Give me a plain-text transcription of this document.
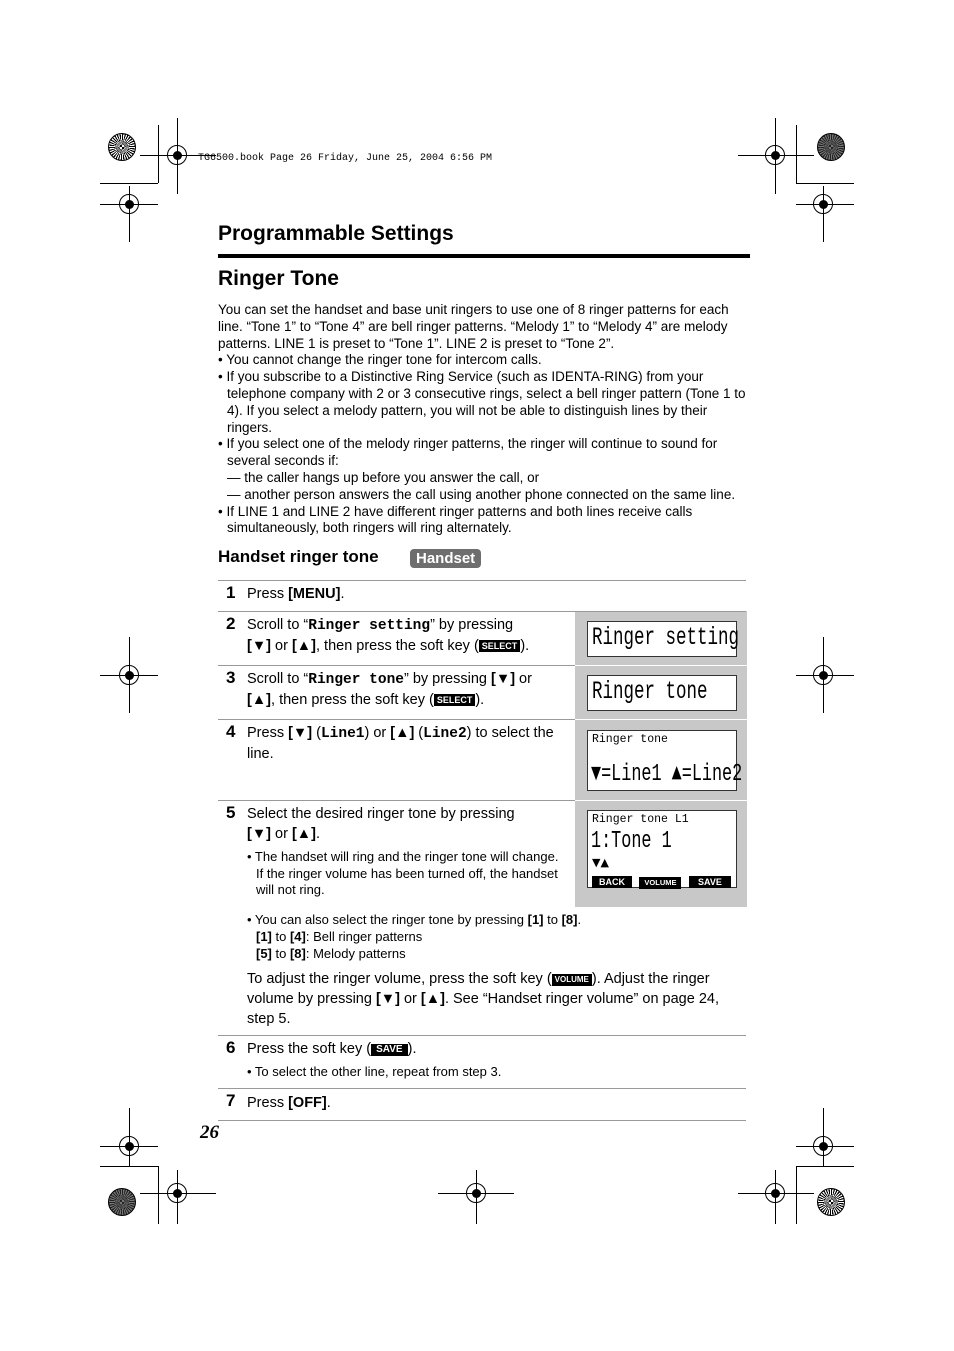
TG6500.book Page 26 Friday, June 25, 2004 6:56 PM
Programmable Settings
Ringer Tone

You can set the handset and base unit ringers to use one of 8 ringer patterns for each line. “Tone 1” to “Tone 4” are bell ringer patterns. “Melody 1” to “Melody 4” are melody patterns. LINE 1 is preset to “Tone 1”. LINE 2 is preset to “Tone 2”.

• You cannot change the ringer tone for intercom calls.

• If you subscribe to a Distinctive Ring Service (such as IDENTA-RING) from your telephone company with 2 or 3 consecutive rings, select a bell ringer pattern (Tone 1 to 4). If you select a melody pattern, you will not be able to distinguish lines by their ringers.

• If you select one of the melody ringer patterns, the ringer will continue to sound for several seconds if:

— the caller hangs up before you answer the call, or

— another person answers the call using another phone connected on the same line.

• If LINE 1 and LINE 2 have different ringer patterns and both lines receive calls simultaneously, both ringers will ring alternately.

Handset ringer tone	Handset
1 Press [MENU].
2 Scroll to “Ringer setting” by pressing
[▼] or [▲], then press the soft key ( SELECT ).	Ringer setting
3 Scroll to “Ringer tone” by pressing [▼] or
[▲], then press the soft key ( SELECT ).	Ringer tone
4 Press [▼] (Line1) or [▲] (Line2) to select the line.
Ringer tone
▼=Line1 ▲=Line2
5 Select the desired ringer tone by pressing
[▼] or [▲].
• The handset will ring and the ringer tone will change. If the ringer volume has been turned off, the handset will not ring.
Ringer tone L1
1:Tone 1
▼▲
BACK	VOLUME SAVE
• You can also select the ringer tone by pressing [1] to [8].
[1] to [4]: Bell ringer patterns
[5] to [8]: Melody patterns
To adjust the ringer volume, press the soft key ( VOLUME ). Adjust the ringer volume by pressing [▼] or [▲]. See “Handset ringer volume” on page 24, step 5.
6 Press the soft key ( SAVE ).
• To select the other line, repeat from step 3.
7 Press [OFF].
26
